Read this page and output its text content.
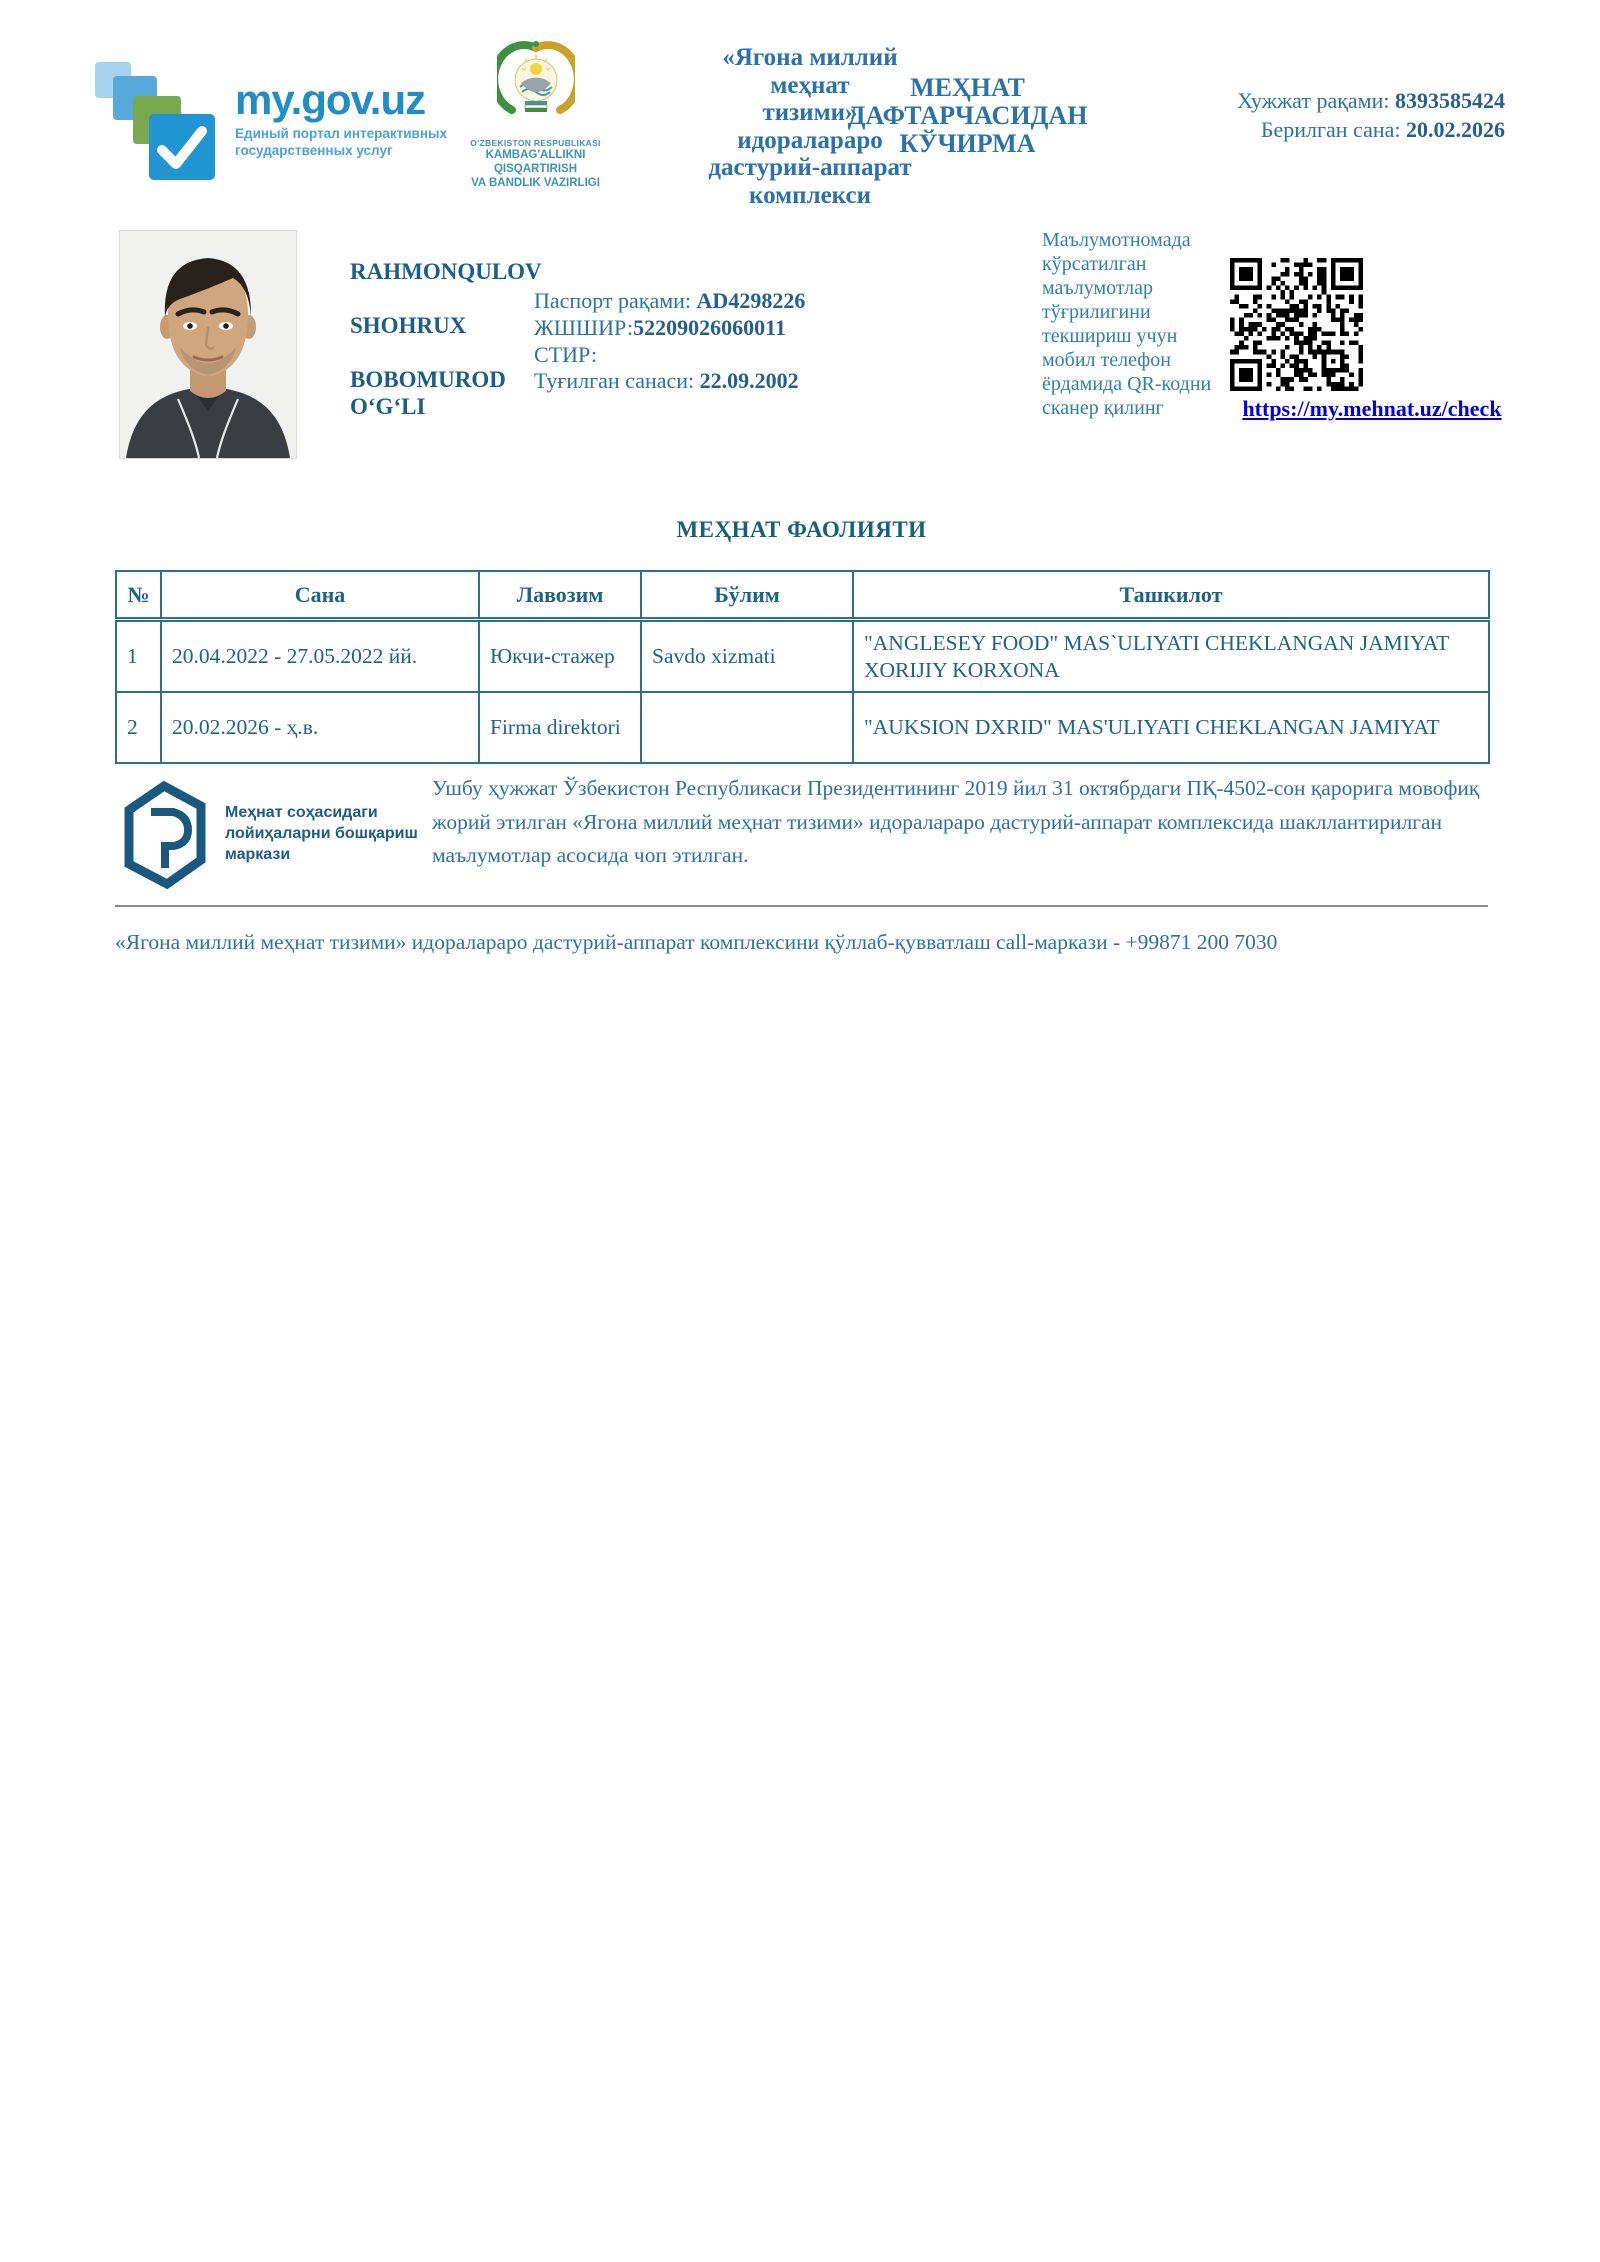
my.gov.uz
Единый портал интерактивных
государственных услуг	O'ZBEKISTON RESPUBLIKASI
KAMBAG'ALLIKNI QISQARTIRISH
VA BANDLIK VAZIRLIGI
«Ягона миллий
меҳнат
тизими»
идоралараро
дастурий-аппарат
комплекси
МЕҲНАТ ДАФТАРЧАСИДАН КЎЧИРМА
Хужжат рақами: 8393585424
Берилган сана: 20.02.2026
RAHMONQULOV
SHOHRUX
BOBOMUROD O‘G‘LI
Паспорт рақами: AD4298226
ЖШШИР:52209026060011
СТИР:
Туғилган санаси: 22.09.2002
Маълумотномада кўрсатилган маълумотлар тўғрилигини текшириш учун мобил телефон ёрдамида QR-кодни сканер қилинг	https://my.mehnat.uz/check
МЕҲНАТ ФАОЛИЯТИ
№	Сана	Лавозим	Бўлим	Ташкилот
1	20.04.2022 - 27.05.2022 йй.	Юкчи-стажер	Savdo xizmati	"ANGLESEY FOOD" MAS`ULIYATI CHEKLANGAN JAMIYAT XORIJIY KORXONA
2	20.02.2026 - ҳ.в.	Firma direktori		"AUKSION DXRID" MAS'ULIYATI CHEKLANGAN JAMIYAT
Меҳнат соҳасидаги
лойиҳаларни бошқариш
маркази
Ушбу ҳужжат Ўзбекистон Республикаси Президентининг 2019 йил 31 октябрдаги ПҚ-4502-сон қарорига мовофиқ жорий этилган «Ягона миллий меҳнат тизими» идоралараро дастурий-аппарат комплексида шакллантирилган маълумотлар асосида чоп этилган.
«Ягона миллий меҳнат тизими» идоралараро дастурий-аппарат комплексини қўллаб-қувватлаш call-маркази - +99871 200 7030
